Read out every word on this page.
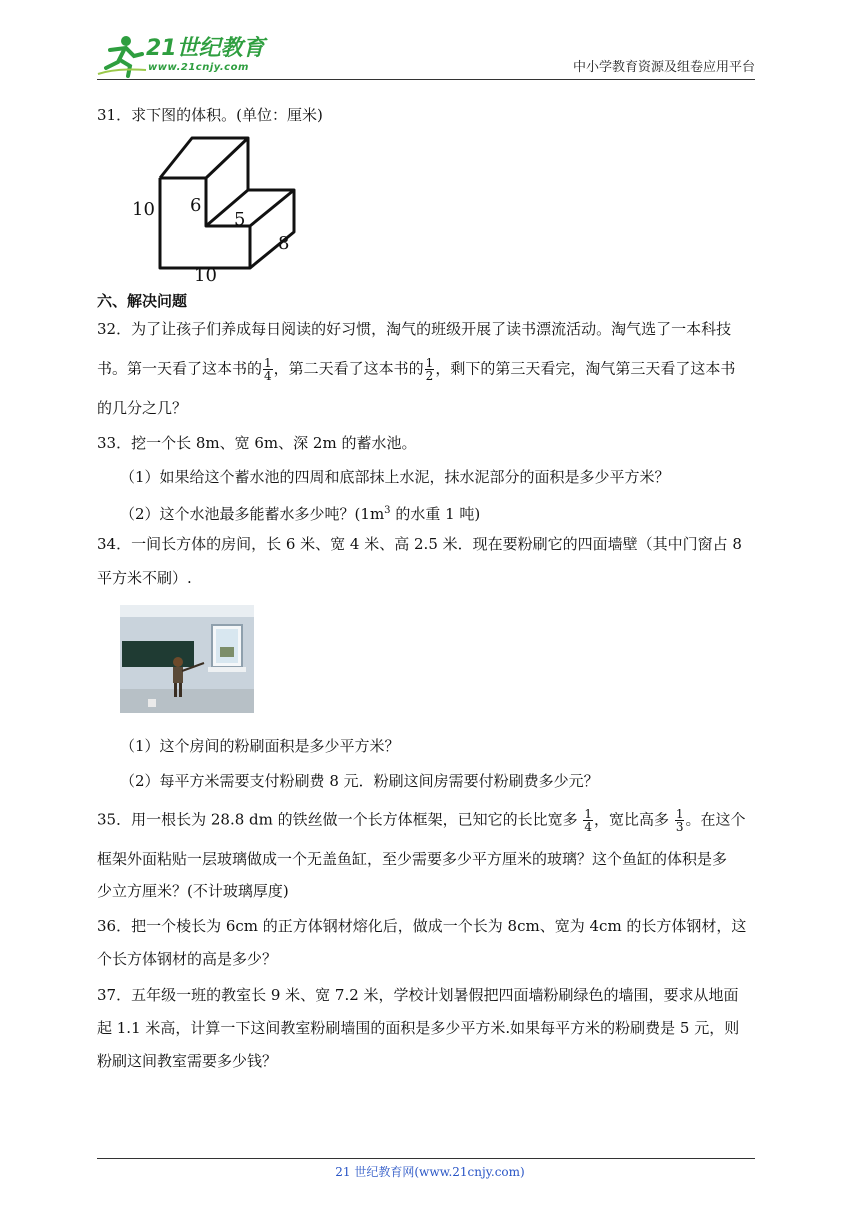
21世纪教育
www.21cnjy.com	中小学教育资源及组卷应用平台
31．求下图的体积。(单位：厘米)
10 6
5
8
10
六、解决问题
32．为了让孩子们养成每日阅读的好习惯，淘气的班级开展了读书漂流活动。淘气选了一本科技
书。第一天看了这本书的 $\frac{1}{4}$ ，第二天看了这本书的 $\frac{1}{2}$ ，剩下的第三天看完，淘气第三天看了这本书
的几分之几？
33．挖一个长 8m、宽 6m、深 2m 的蓄水池。
（1）如果给这个蓄水池的四周和底部抹上水泥，抹水泥部分的面积是多少平方米？
（2）这个水池最多能蓄水多少吨？($1m^3$ 的水重 1 吨)
34．一间长方体的房间，长 6 米、宽 4 米、高 2.5 米．现在要粉刷它的四面墙壁（其中门窗占 8
平方米不刷）.
（1）这个房间的粉刷面积是多少平方米？
（2）每平方米需要支付粉刷费 8 元．粉刷这间房需要付粉刷费多少元？
35．用一根长为 28.8 dm 的铁丝做一个长方体框架，已知它的长比宽多 $\frac{1}{4}$ ，宽比高多 $\frac{1}{3}$ 。在这个
框架外面粘贴一层玻璃做成一个无盖鱼缸，至少需要多少平方厘米的玻璃？这个鱼缸的体积是多
少立方厘米？(不计玻璃厚度)
36．把一个棱长为 6cm 的正方体钢材熔化后，做成一个长为 8cm、宽为 4cm 的长方体钢材，这
个长方体钢材的高是多少？
37．五年级一班的教室长 9 米、宽 7.2 米，学校计划暑假把四面墙粉刷绿色的墙围，要求从地面
起 1.1 米高，计算一下这间教室粉刷墙围的面积是多少平方米.如果每平方米的粉刷费是 5 元，则
粉刷这间教室需要多少钱？
21 世纪教育网(www.21cnjy.com)
